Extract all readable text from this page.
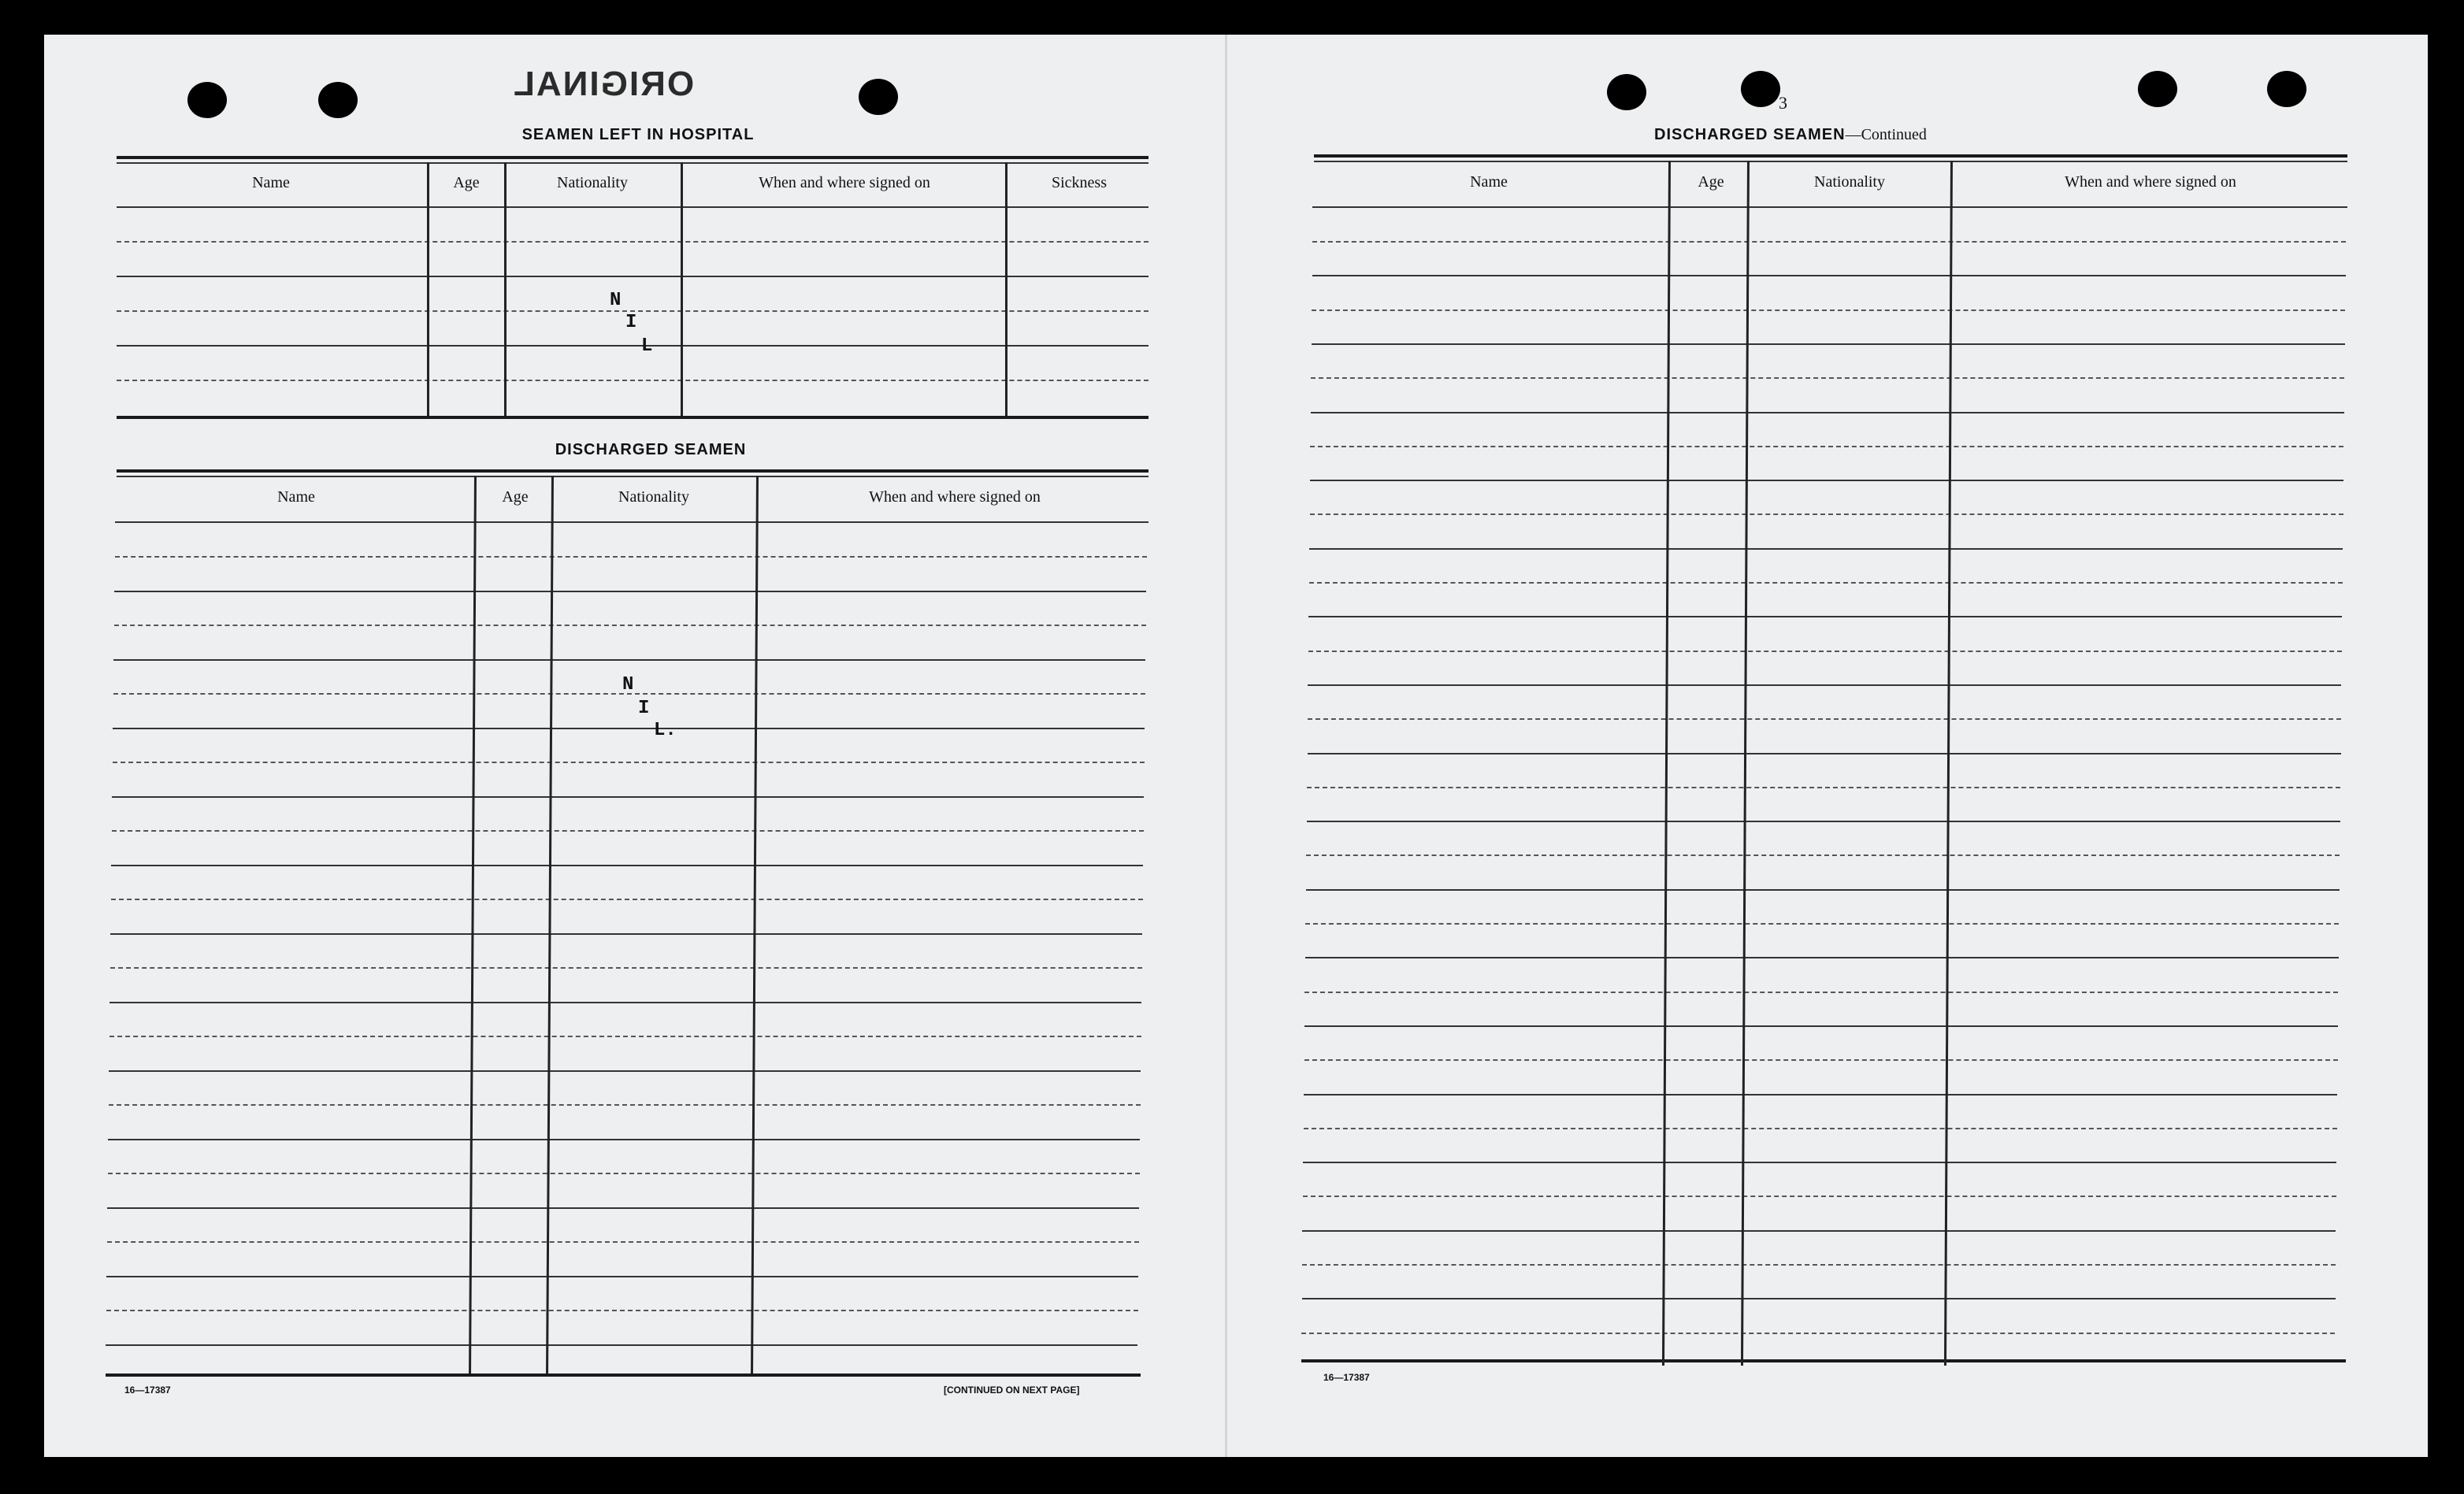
ORIGINAL
SEAMEN LEFT IN HOSPITAL
Name	Age	Nationality	When and where signed on	Sickness
N
I
L
DISCHARGED SEAMEN
Name	Age	Nationality	When and where signed on
N
I
L.
16—17387	[CONTINUED ON NEXT PAGE]
3
DISCHARGED SEAMEN—Continued
Name	Age	Nationality	When and where signed on
16—17387
